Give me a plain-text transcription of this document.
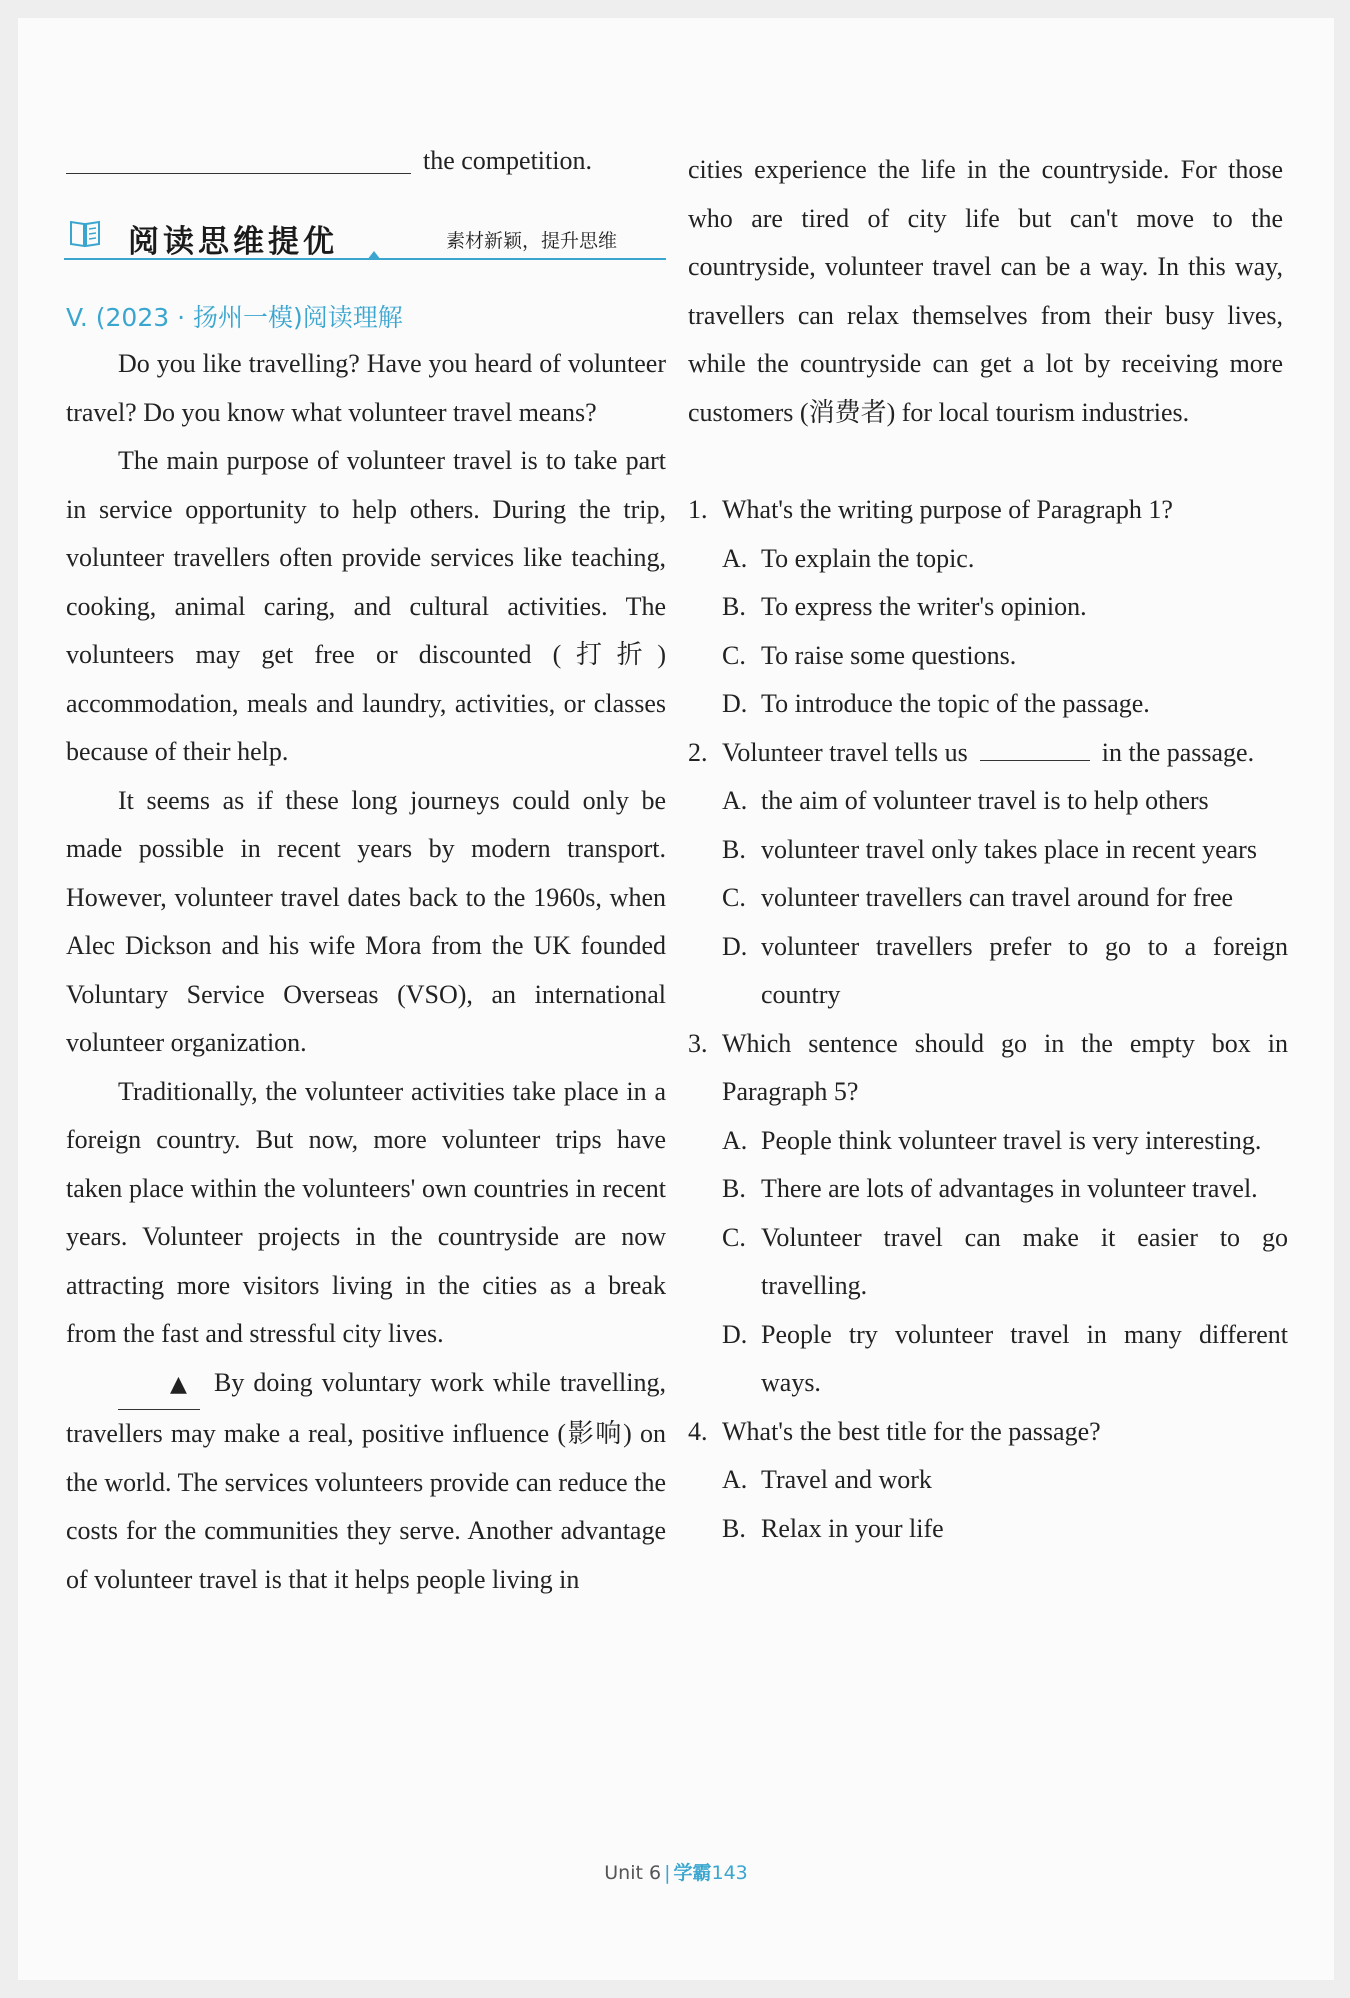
the competition.
阅读思维提优	素材新颖，提升思维
V. (2023 · 扬州一模)阅读理解

Do you like travelling? Have you heard of volunteer travel? Do you know what volunteer travel means?

The main purpose of volunteer travel is to take part in service opportunity to help others. During the trip, volunteer travellers often provide services like teaching, cooking, animal caring, and cultural activities. The volunteers may get free or discounted (打折) accommodation, meals and laundry, activities, or classes because of their help.

It seems as if these long journeys could only be made possible in recent years by modern transport. However, volunteer travel dates back to the 1960s, when Alec Dickson and his wife Mora from the UK founded Voluntary Service Overseas (VSO), an international volunteer organization.

Traditionally, the volunteer activities take place in a foreign country. But now, more volunteer trips have taken place within the volunteers' own countries in recent years. Volunteer projects in the countryside are now attracting more visitors living in the cities as a break from the fast and stressful city lives.

▲ By doing voluntary work while travelling, travellers may make a real, positive influence (影响) on the world. The services volunteers provide can reduce the costs for the communities they serve. Another advantage of volunteer travel is that it helps people living in

cities experience the life in the countryside. For those who are tired of city life but can't move to the countryside, volunteer travel can be a way. In this way, travellers can relax themselves from their busy lives, while the countryside can get a lot by receiving more customers (消费者) for local tourism industries.

1. What's the writing purpose of Paragraph 1?

A. To explain the topic.

B. To express the writer's opinion.

C. To raise some questions.

D. To introduce the topic of the passage.

2. Volunteer travel tells us	in the passage.

A. the aim of volunteer travel is to help others

B. volunteer travel only takes place in recent years

C. volunteer travellers can travel around for free

D. volunteer travellers prefer to go to a foreign country

3. Which sentence should go in the empty box in Paragraph 5?

A. People think volunteer travel is very interesting.

B. There are lots of advantages in volunteer travel.

C. Volunteer travel can make it easier to go travelling.

D. People try volunteer travel in many different ways.

4. What's the best title for the passage?

A. Travel and work

B. Relax in your life

Unit 6 | 学霸143
